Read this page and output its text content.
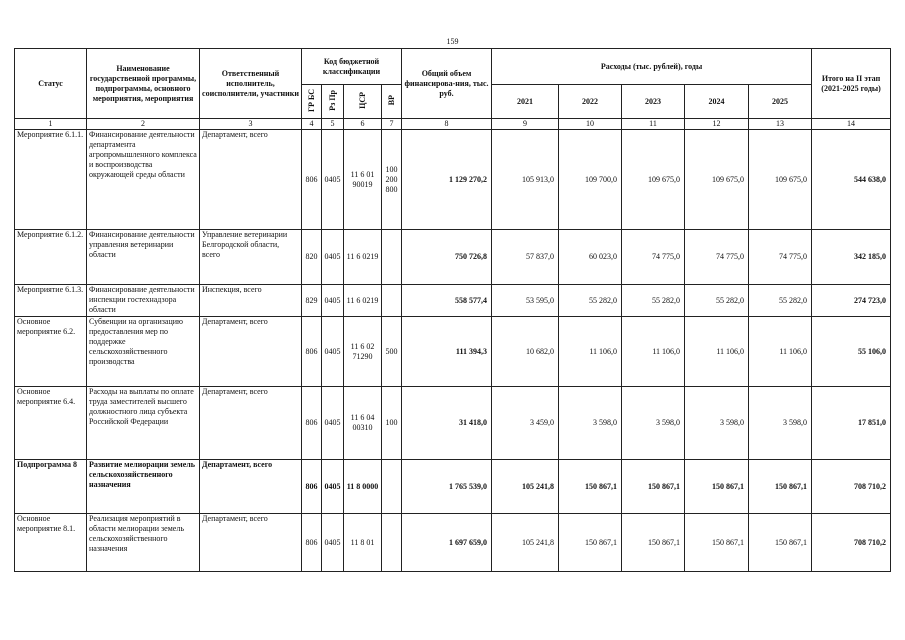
159
Статус	Наименование государственной программы, подпрограммы, основного мероприятия, мероприятия	Ответственный исполнитель, соисполнители, участники	Код бюджетной классификации				Общий объем финансирова-ния, тыс. руб.	Расходы (тыс. рублей), годы					Итого на II этап (2021-2025 годы)
			ГР БС	Рз Пр	ЦСР	ВР		2021	2022	2023	2024	2025	
1	2	3	4	5	6	7	8	9	10	11	12	13	14
Мероприятие 6.1.1.	Финансирование деятельности департамента агропромышленного комплекса и воспроизводства окружающей среды области	Департамент, всего	806	0405	11 6 01 90019	100 200 800	1 129 270,2	105 913,0	109 700,0	109 675,0	109 675,0	109 675,0	544 638,0
Мероприятие 6.1.2.	Финансирование деятельности управления ветеринарии области	Управление ветеринарии Белгородской области, всего	820	0405	11 6 0219		750 726,8	57 837,0	60 023,0	74 775,0	74 775,0	74 775,0	342 185,0
Мероприятие 6.1.3.	Финансирование деятельности инспекции гостехнадзора области	Инспекция, всего	829	0405	11 6 0219		558 577,4	53 595,0	55 282,0	55 282,0	55 282,0	55 282,0	274 723,0
Основное мероприятие 6.2.	Субвенции на организацию предоставления мер по поддержке сельскохозяйственного производства	Департамент, всего	806	0405	11 6 02 71290	500	111 394,3	10 682,0	11 106,0	11 106,0	11 106,0	11 106,0	55 106,0
Основное мероприятие 6.4.	Расходы на выплаты по оплате труда заместителей высшего должностного лица субъекта Российской Федерации	Департамент, всего	806	0405	11 6 04 00310	100	31 418,0	3 459,0	3 598,0	3 598,0	3 598,0	3 598,0	17 851,0
Подпрограмма 8	Развитие мелиорации земель сельскохозяйственного назначения	Департамент, всего	806	0405	11 8 0000		1 765 539,0	105 241,8	150 867,1	150 867,1	150 867,1	150 867,1	708 710,2
Основное мероприятие 8.1.	Реализация мероприятий в области мелиорации земель сельскохозяйственного назначения	Департамент, всего	806	0405	11 8 01		1 697 659,0	105 241,8	150 867,1	150 867,1	150 867,1	150 867,1	708 710,2
